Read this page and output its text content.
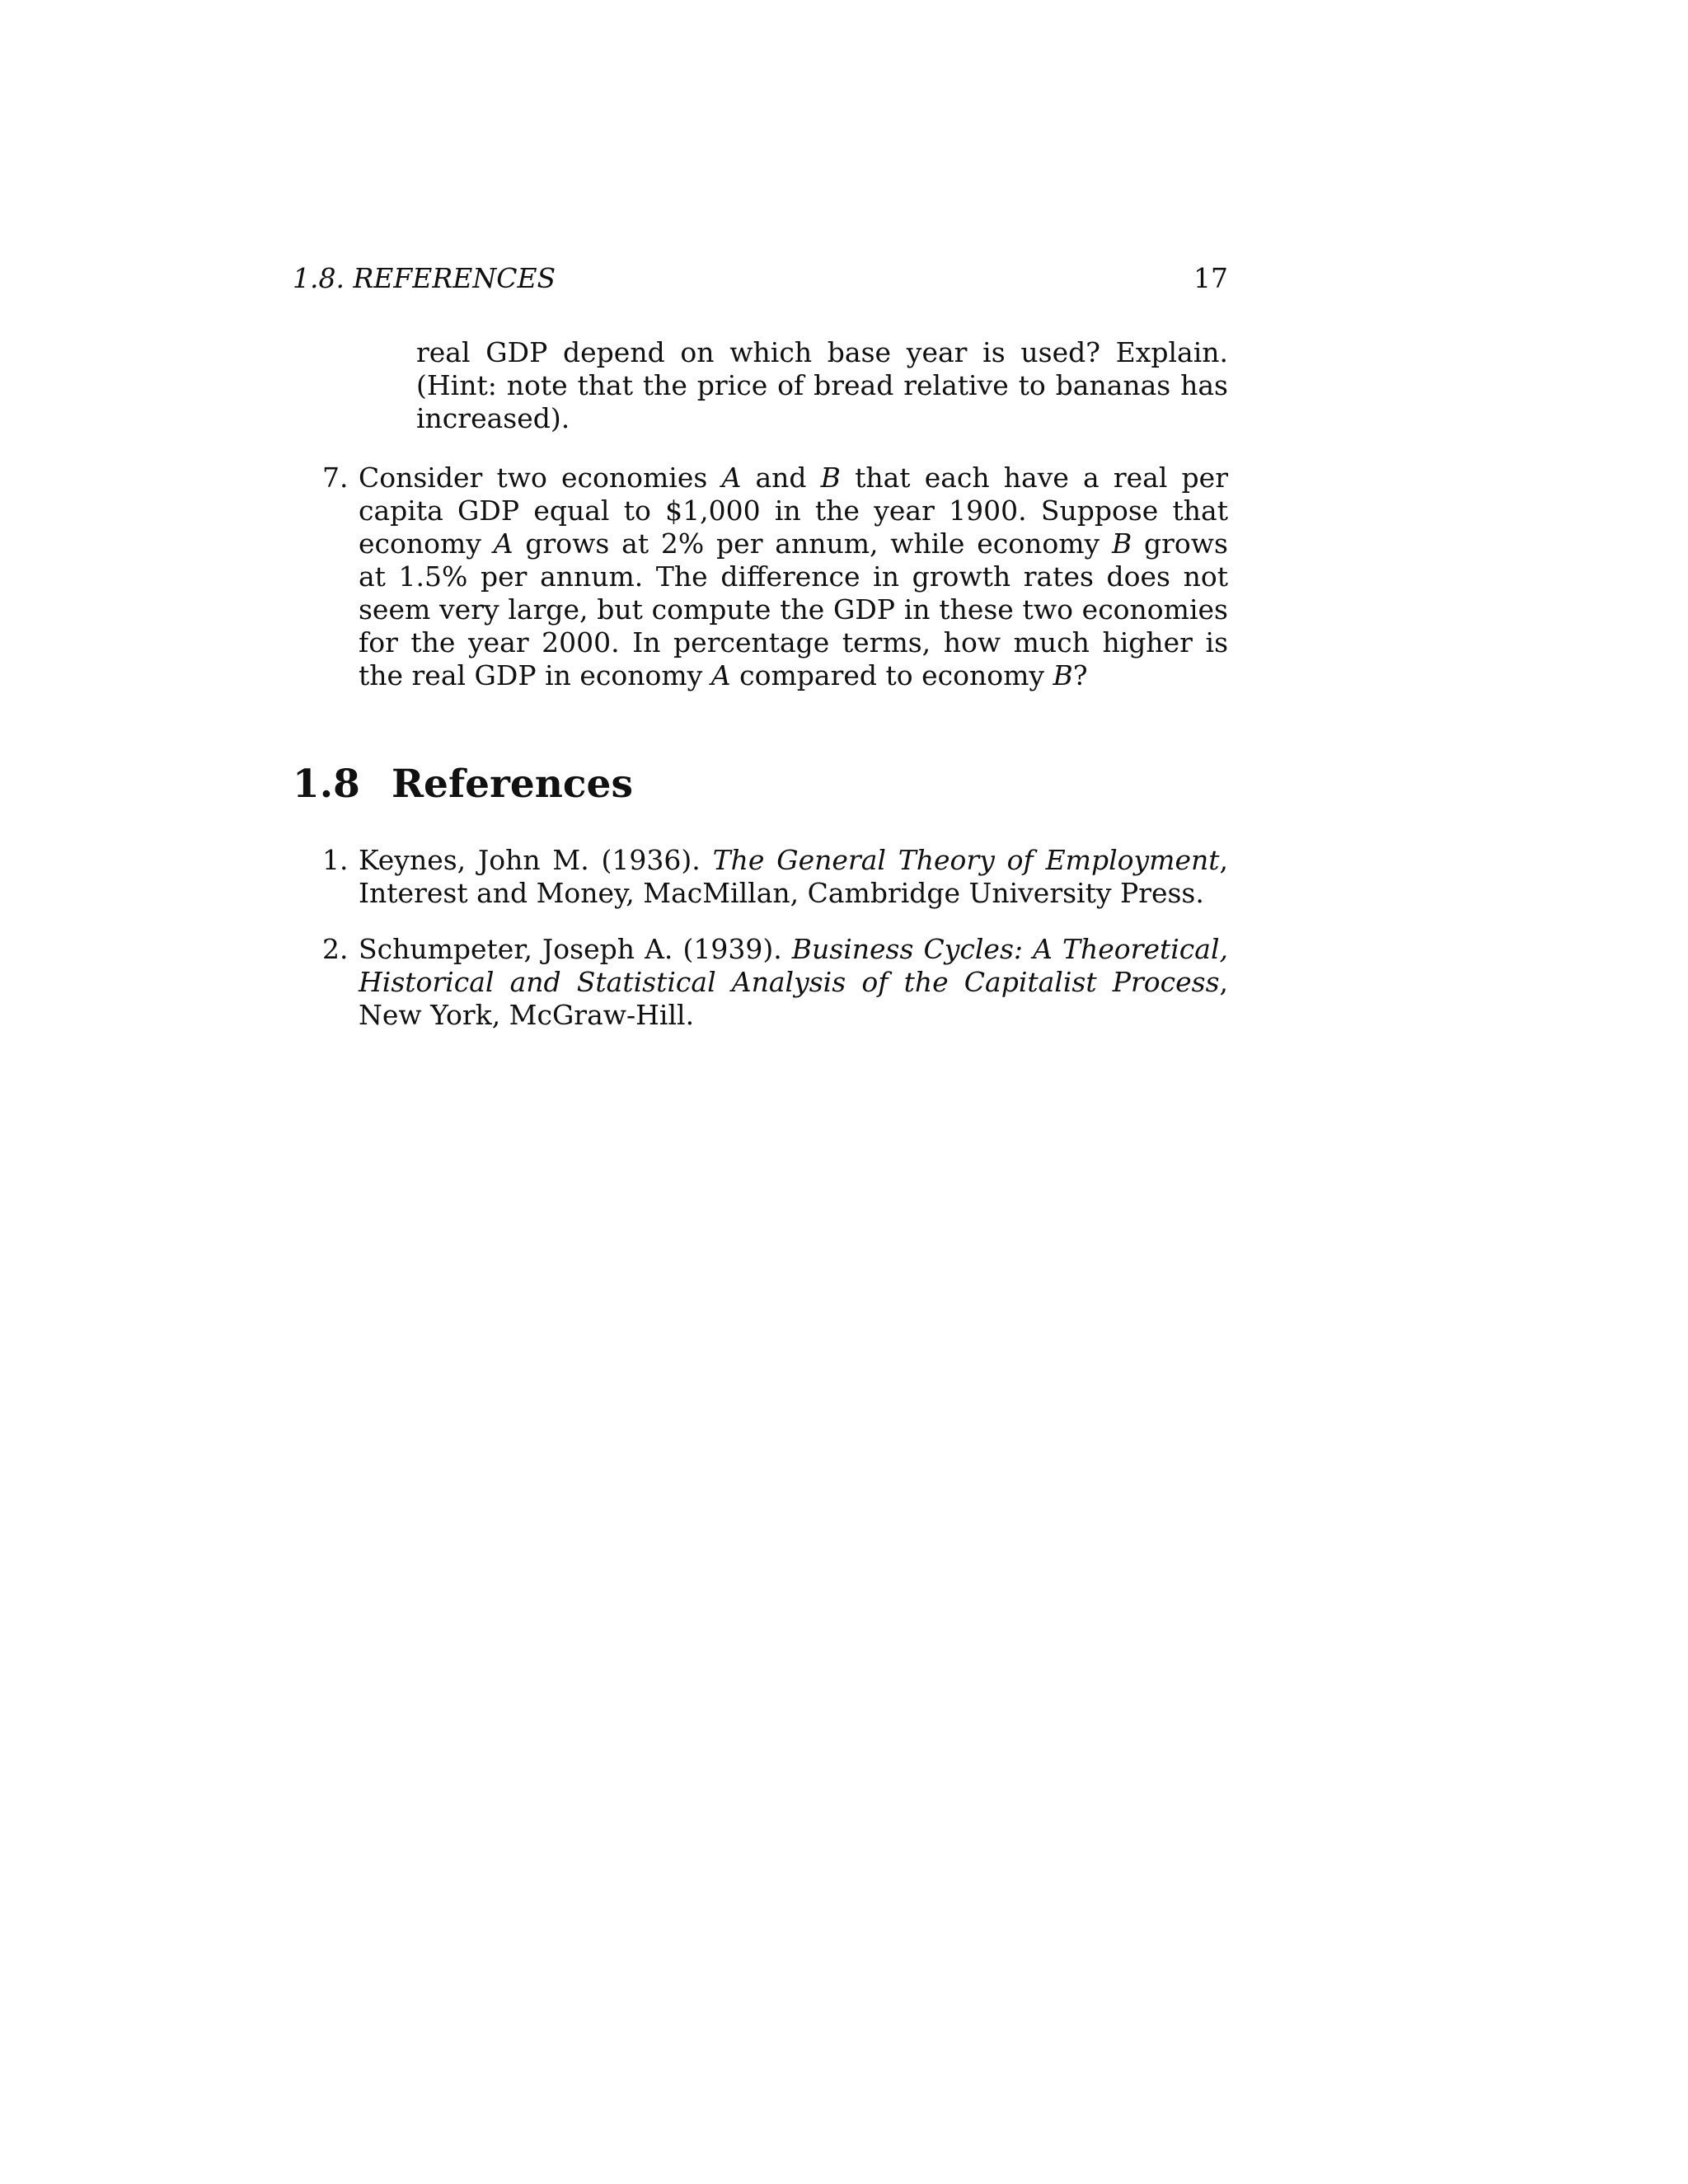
1.8. REFERENCES	17
real GDP depend on which base year is used? Explain. (Hint: note that the price of bread relative to bananas has increased).
7. Consider two economies A and B that each have a real per capita GDP equal to $1,000 in the year 1900. Suppose that economy A grows at 2% per annum, while economy B grows at 1.5% per annum. The difference in growth rates does not seem very large, but compute the GDP in these two economies for the year 2000. In percentage terms, how much higher is the real GDP in economy A compared to economy B?
1.8 References
1. Keynes, John M. (1936). The General Theory of Employment, Interest and Money, MacMillan, Cambridge University Press.
2. Schumpeter, Joseph A. (1939). Business Cycles: A Theoretical, Historical and Statistical Analysis of the Capitalist Process, New York, McGraw-Hill.
